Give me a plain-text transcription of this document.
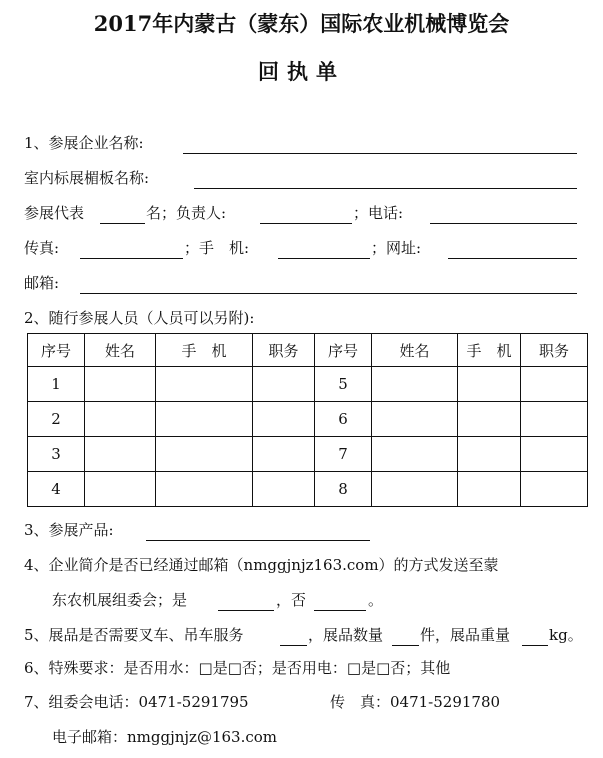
2017年内蒙古（蒙东）国际农业机械博览会
回执单
1、参展企业名称:
室内标展楣板名称:
参展代表	名；负责人:	；电话:
传真:	；手　机:	；网址:
邮箱:
2、随行参展人员（人员可以另附):
序号	姓名	手　机	职务	序号	姓名	手　机	职务
1				5			
2				6			
3				7			
4				8			
3、参展产品:
4、企业简介是否已经通过邮箱（nmggjnjz163.com）的方式发送至蒙
东农机展组委会；是	，否	。
5、展品是否需要叉车、吊车服务	，展品数量 件，展品重量	kg。
6、特殊要求：是否用水：□是□否；是否用电：□是□否；其他
7、组委会电话：0471-5291795	传　真：0471-5291780
电子邮箱：nmggjnjz@163.com
